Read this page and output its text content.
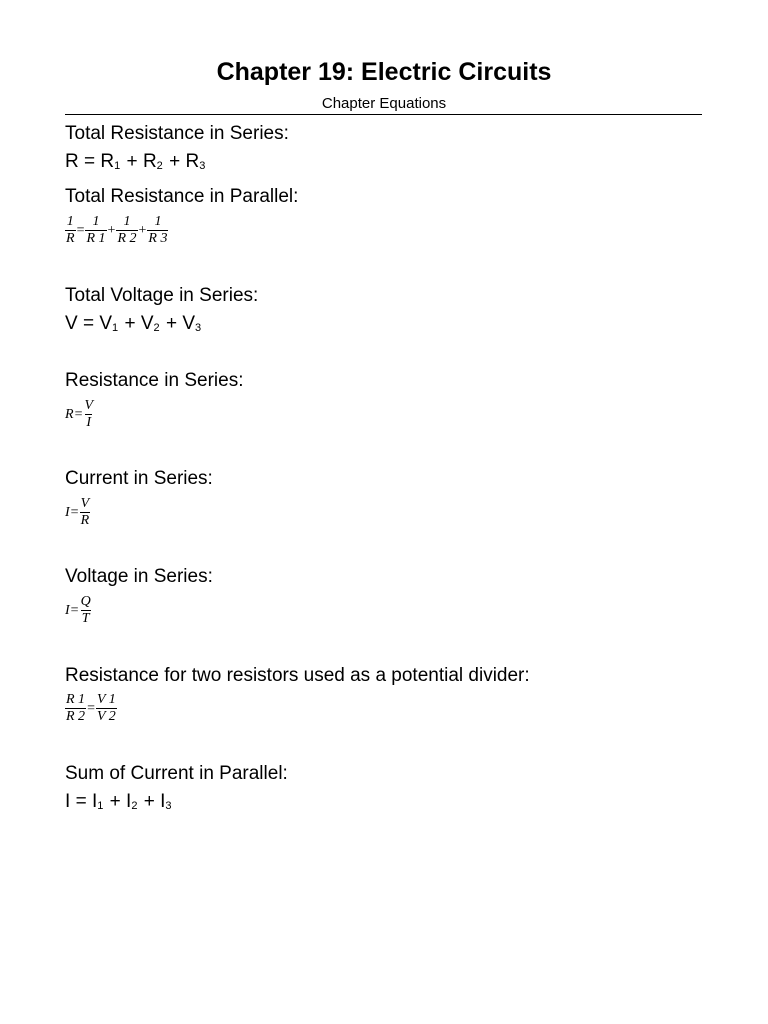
Chapter 19: Electric Circuits
Chapter Equations
Total Resistance in Series:
$R = R_1 + R_2 + R_3$
Total Resistance in Parallel:
$\frac{1}{R} = \frac{1}{R 1} + \frac{1}{R 2} + \frac{1}{R 3}$
Total Voltage in Series:
$V = V_1 + V_2 + V_3$
Resistance in Series:
$R = \frac{V}{I}$
Current in Series:
$I = \frac{V}{R}$
Voltage in Series:
$I = \frac{Q}{T}$
Resistance for two resistors used as a potential divider:
$\frac{R 1}{R 2} = \frac{V 1}{V 2}$
Sum of Current in Parallel:
$I = I_1 + I_2 + I_3$
